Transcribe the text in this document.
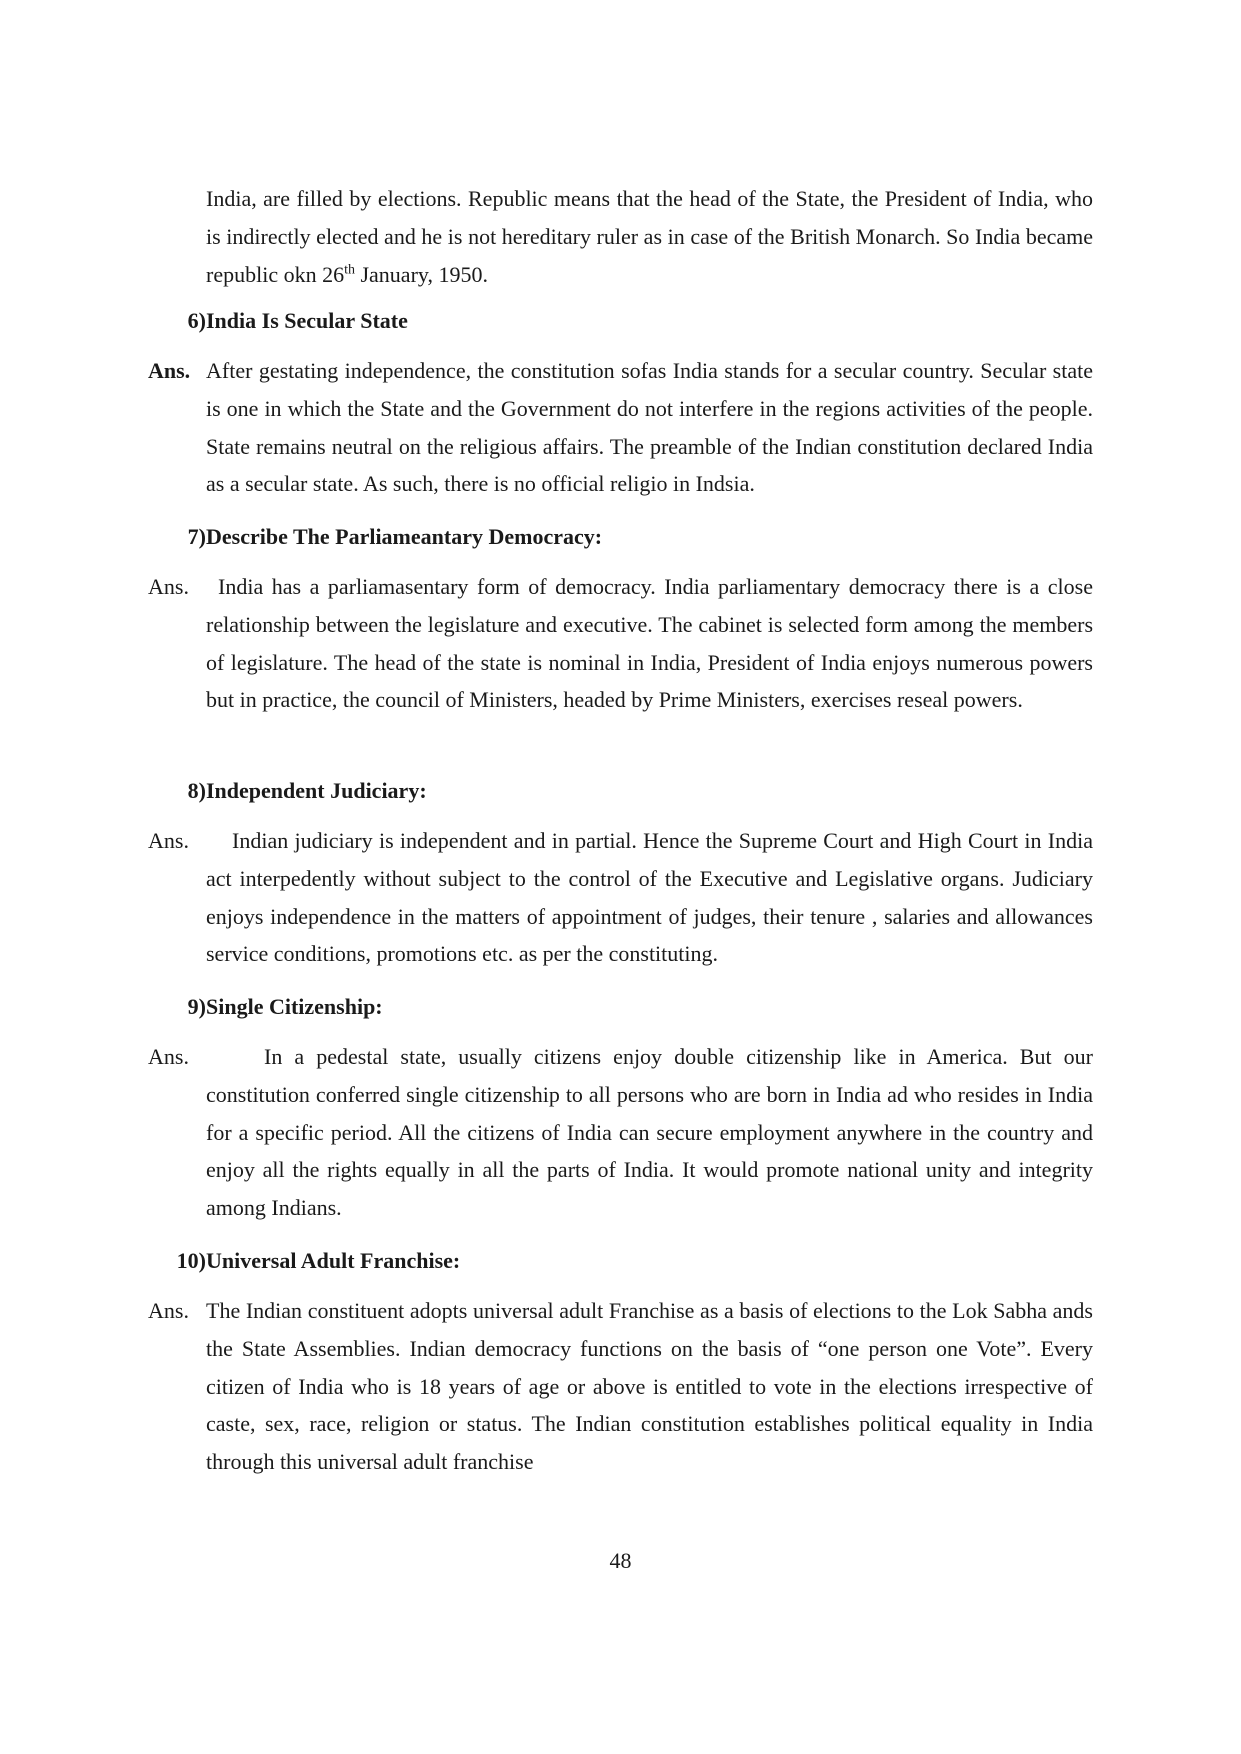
India, are filled by elections. Republic means that the head of the State, the President of India, who is indirectly elected and he is not hereditary ruler as in case of the British Monarch. So India became republic okn 26th January, 1950.

6) India Is Secular State
Ans. After gestating independence, the constitution sofas India stands for a secular country. Secular state is one in which the State and the Government do not interfere in the regions activities of the people. State remains neutral on the religious affairs. The preamble of the Indian constitution declared India as a secular state. As such, there is no official religio in Indsia.

7) Describe The Parliameantary Democracy:
Ans.	India has a parliamasentary form of democracy. India parliamentary democracy there is a close relationship between the legislature and executive. The cabinet is selected form among the members of legislature. The head of the state is nominal in India, President of India enjoys numerous powers but in practice, the council of Ministers, headed by Prime Ministers, exercises reseal powers.

8) Independent Judiciary:
Ans.	Indian judiciary is independent and in partial. Hence the Supreme Court and High Court in India act interpedently without subject to the control of the Executive and Legislative organs. Judiciary enjoys independence in the matters of appointment of judges, their tenure , salaries and allowances service conditions, promotions etc. as per the constituting.

9) Single Citizenship:
Ans.	In a pedestal state, usually citizens enjoy double citizenship like in America. But our constitution conferred single citizenship to all persons who are born in India ad who resides in India for a specific period. All the citizens of India can secure employment anywhere in the country and enjoy all the rights equally in all the parts of India. It would promote national unity and integrity among Indians.

10) Universal Adult Franchise:
Ans. The Indian constituent adopts universal adult Franchise as a basis of elections to the Lok Sabha ands the State Assemblies. Indian democracy functions on the basis of “one person one Vote”. Every citizen of India who is 18 years of age or above is entitled to vote in the elections irrespective of caste, sex, race, religion or status. The Indian constitution establishes political equality in India through this universal adult franchise

48
